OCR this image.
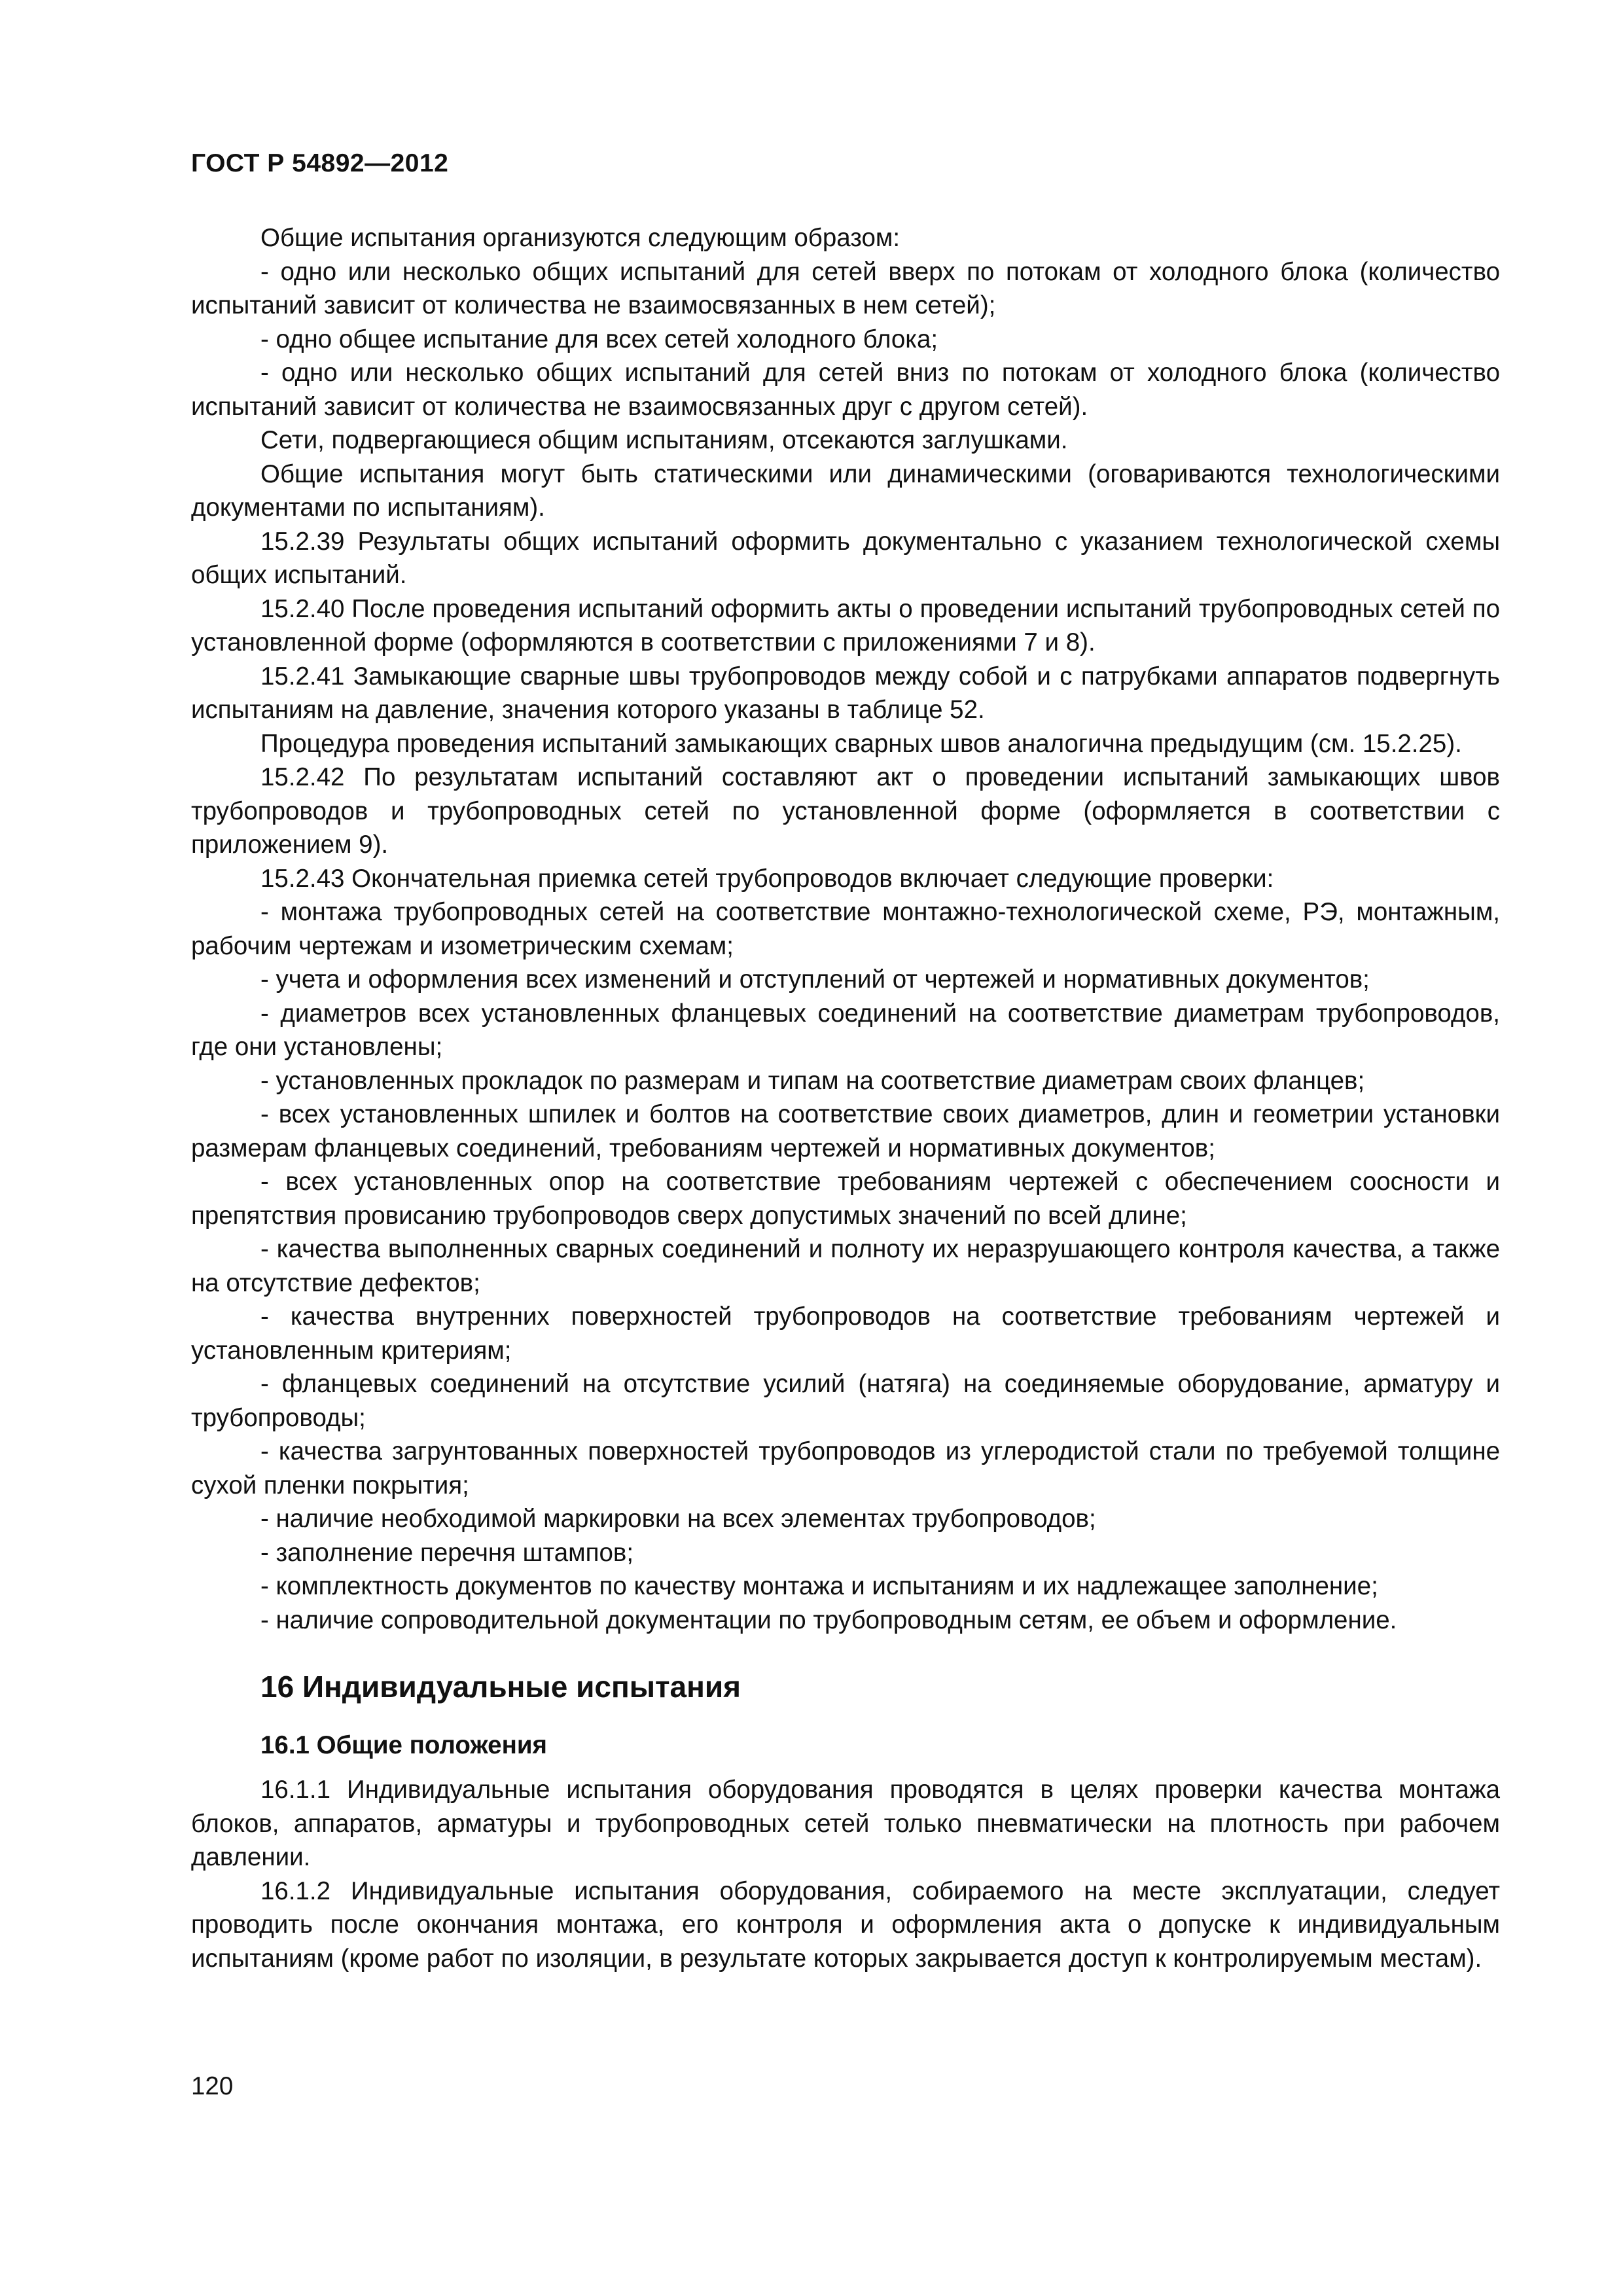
ГОСТ Р 54892—2012

Общие испытания организуются следующим образом:

- одно или несколько общих испытаний для сетей вверх по потокам от холодного блока (количество испытаний зависит от количества не взаимосвязанных в нем сетей);

- одно общее испытание для всех сетей холодного блока;

- одно или несколько общих испытаний для сетей вниз по потокам от холодного блока (количество испытаний зависит от количества не взаимосвязанных друг с другом сетей).

Сети, подвергающиеся общим испытаниям, отсекаются заглушками.

Общие испытания могут быть статическими или динамическими (оговариваются технологическими документами по испытаниям).

15.2.39 Результаты общих испытаний оформить документально с указанием технологической схемы общих испытаний.

15.2.40 После проведения испытаний оформить акты о проведении испытаний трубопроводных сетей по установленной форме (оформляются в соответствии с приложениями 7 и 8).

15.2.41 Замыкающие сварные швы трубопроводов между собой и с патрубками аппаратов подвергнуть испытаниям на давление, значения которого указаны в таблице 52.

Процедура проведения испытаний замыкающих сварных швов аналогична предыдущим (см. 15.2.25).

15.2.42 По результатам испытаний составляют акт о проведении испытаний замыкающих швов трубопроводов и трубопроводных сетей по установленной форме (оформляется в соответствии с приложением 9).

15.2.43 Окончательная приемка сетей трубопроводов включает следующие проверки:

- монтажа трубопроводных сетей на соответствие монтажно-технологической схеме, РЭ, монтажным, рабочим чертежам и изометрическим схемам;

- учета и оформления всех изменений и отступлений от чертежей и нормативных документов;

- диаметров всех установленных фланцевых соединений на соответствие диаметрам трубопроводов, где они установлены;

- установленных прокладок по размерам и типам на соответствие диаметрам своих фланцев;

- всех установленных шпилек и болтов на соответствие своих диаметров, длин и геометрии установки размерам фланцевых соединений, требованиям чертежей и нормативных документов;

- всех установленных опор на соответствие требованиям чертежей с обеспечением соосности и препятствия провисанию трубопроводов сверх допустимых значений по всей длине;

- качества выполненных сварных соединений и полноту их неразрушающего контроля качества, а также на отсутствие дефектов;

- качества внутренних поверхностей трубопроводов на соответствие требованиям чертежей и установленным критериям;

- фланцевых соединений на отсутствие усилий (натяга) на соединяемые оборудование, арматуру и трубопроводы;

- качества загрунтованных поверхностей трубопроводов из углеродистой стали по требуемой толщине сухой пленки покрытия;

- наличие необходимой маркировки на всех элементах трубопроводов;

- заполнение перечня штампов;

- комплектность документов по качеству монтажа и испытаниям и их надлежащее заполнение;

- наличие сопроводительной документации по трубопроводным сетям, ее объем и оформление.

16 Индивидуальные испытания
16.1 Общие положения

16.1.1 Индивидуальные испытания оборудования проводятся в целях проверки качества монтажа блоков, аппаратов, арматуры и трубопроводных сетей только пневматически на плотность при рабочем давлении.

16.1.2 Индивидуальные испытания оборудования, собираемого на месте эксплуатации, следует проводить после окончания монтажа, его контроля и оформления акта о допуске к индивидуальным испытаниям (кроме работ по изоляции, в результате которых закрывается доступ к контролируемым местам).

120
